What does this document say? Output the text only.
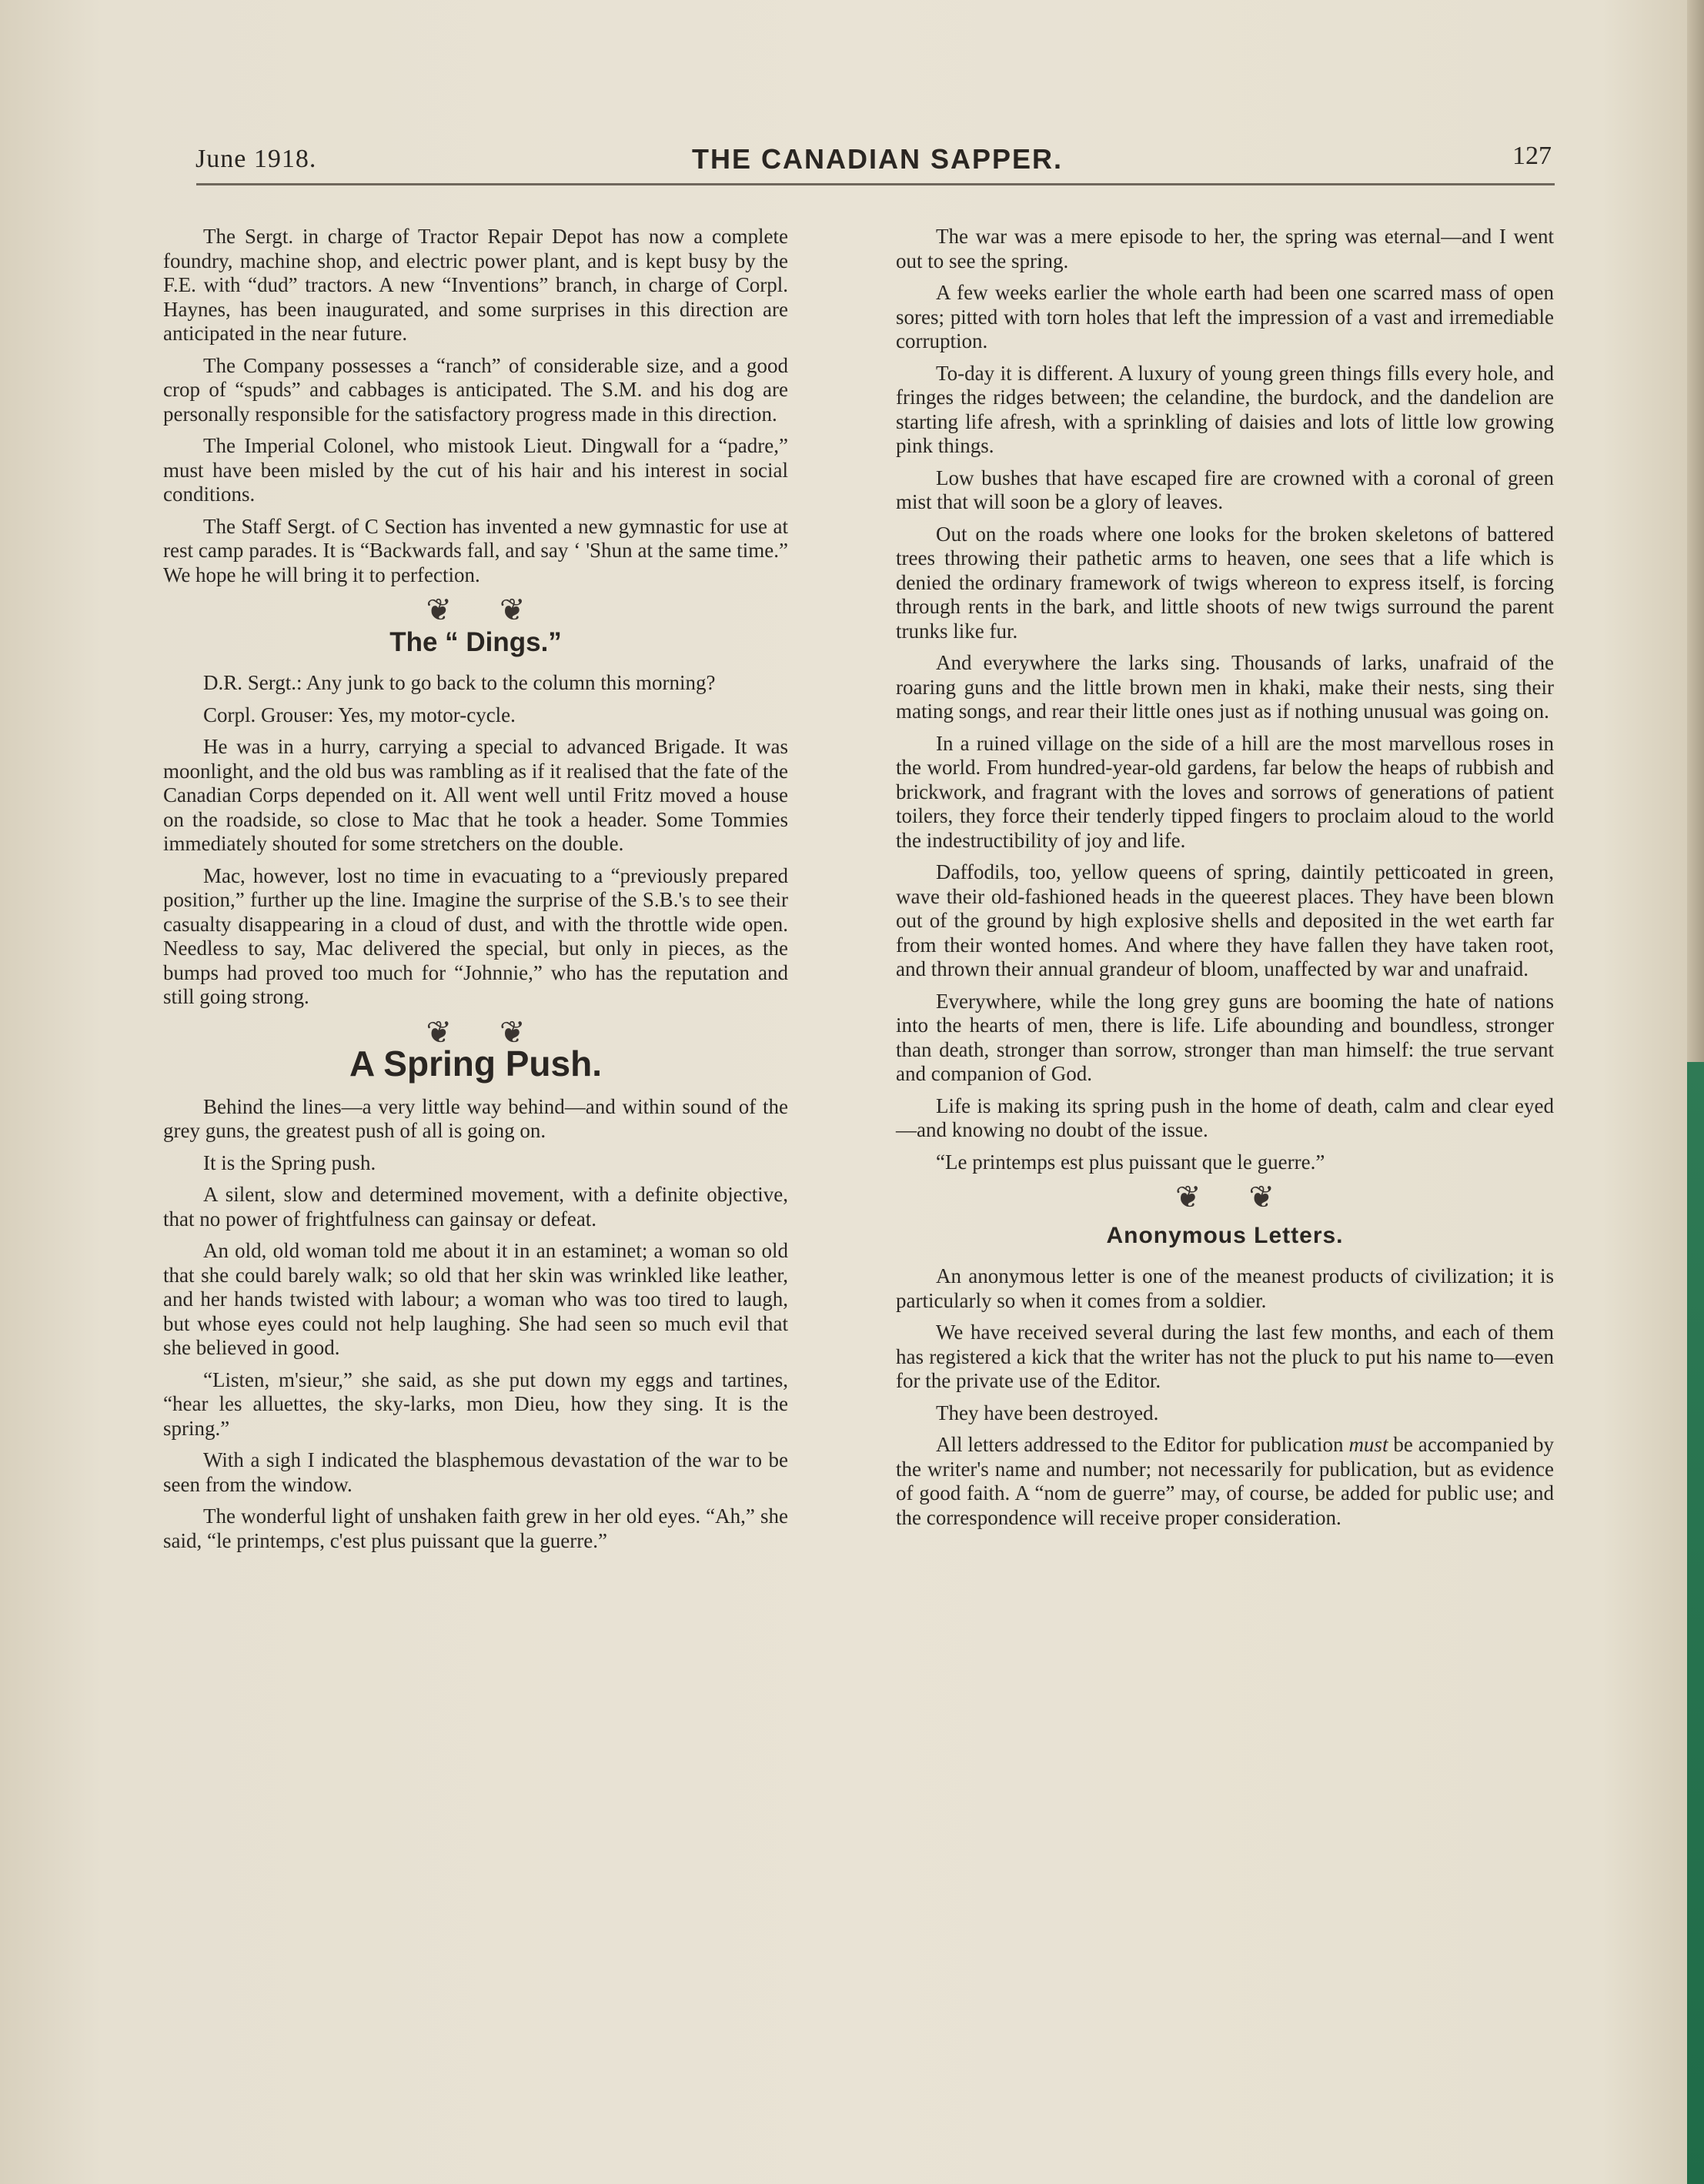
June 1918.	THE CANADIAN SAPPER.	127

The Sergt. in charge of Tractor Repair Depot has now a complete foundry, machine shop, and electric power plant, and is kept busy by the F.E. with “dud” tractors. A new “Inventions” branch, in charge of Corpl. Haynes, has been inaugurated, and some surprises in this direction are anticipated in the near future.

The Company possesses a “ranch” of considerable size, and a good crop of “spuds” and cabbages is anticipated. The S.M. and his dog are personally responsible for the satisfactory progress made in this direction.

The Imperial Colonel, who mistook Lieut. Dingwall for a “padre,” must have been misled by the cut of his hair and his interest in social conditions.

The Staff Sergt. of C Section has invented a new gymnastic for use at rest camp parades. It is “Backwards fall, and say ‘ 'Shun at the same time.” We hope he will bring it to perfection.

❦ ❦
The “ Dings.”

D.R. Sergt.: Any junk to go back to the column this morning?

Corpl. Grouser: Yes, my motor-cycle.

He was in a hurry, carrying a special to advanced Brigade. It was moonlight, and the old bus was rambling as if it realised that the fate of the Canadian Corps depended on it. All went well until Fritz moved a house on the roadside, so close to Mac that he took a header. Some Tommies immediately shouted for some stretchers on the double.

Mac, however, lost no time in evacuating to a “previously prepared position,” further up the line. Imagine the surprise of the S.B.'s to see their casualty disappearing in a cloud of dust, and with the throttle wide open. Needless to say, Mac delivered the special, but only in pieces, as the bumps had proved too much for “Johnnie,” who has the reputation and still going strong.

❦ ❦
A Spring Push.

Behind the lines—a very little way behind—and within sound of the grey guns, the greatest push of all is going on.

It is the Spring push.

A silent, slow and determined movement, with a definite objective, that no power of frightfulness can gainsay or defeat.

An old, old woman told me about it in an estaminet; a woman so old that she could barely walk; so old that her skin was wrinkled like leather, and her hands twisted with labour; a woman who was too tired to laugh, but whose eyes could not help laughing. She had seen so much evil that she believed in good.

“Listen, m'sieur,” she said, as she put down my eggs and tartines, “hear les alluettes, the sky-larks, mon Dieu, how they sing. It is the spring.”

With a sigh I indicated the blasphemous devastation of the war to be seen from the window.

The wonderful light of unshaken faith grew in her old eyes. “Ah,” she said, “le printemps, c'est plus puissant que la guerre.”

The war was a mere episode to her, the spring was eternal—and I went out to see the spring.

A few weeks earlier the whole earth had been one scarred mass of open sores; pitted with torn holes that left the impression of a vast and irremediable corruption.

To-day it is different. A luxury of young green things fills every hole, and fringes the ridges between; the celandine, the burdock, and the dandelion are starting life afresh, with a sprinkling of daisies and lots of little low growing pink things.

Low bushes that have escaped fire are crowned with a coronal of green mist that will soon be a glory of leaves.

Out on the roads where one looks for the broken skeletons of battered trees throwing their pathetic arms to heaven, one sees that a life which is denied the ordinary framework of twigs whereon to express itself, is forcing through rents in the bark, and little shoots of new twigs surround the parent trunks like fur.

And everywhere the larks sing. Thousands of larks, unafraid of the roaring guns and the little brown men in khaki, make their nests, sing their mating songs, and rear their little ones just as if nothing unusual was going on.

In a ruined village on the side of a hill are the most marvellous roses in the world. From hundred-year-old gardens, far below the heaps of rubbish and brickwork, and fragrant with the loves and sorrows of generations of patient toilers, they force their tenderly tipped fingers to proclaim aloud to the world the indestructibility of joy and life.

Daffodils, too, yellow queens of spring, daintily petticoated in green, wave their old-fashioned heads in the queerest places. They have been blown out of the ground by high explosive shells and deposited in the wet earth far from their wonted homes. And where they have fallen they have taken root, and thrown their annual grandeur of bloom, unaffected by war and unafraid.

Everywhere, while the long grey guns are booming the hate of nations into the hearts of men, there is life. Life abounding and boundless, stronger than death, stronger than sorrow, stronger than man himself: the true servant and companion of God.

Life is making its spring push in the home of death, calm and clear eyed—and knowing no doubt of the issue.

“Le printemps est plus puissant que le guerre.”

❦ ❦
Anonymous Letters.

An anonymous letter is one of the meanest products of civilization; it is particularly so when it comes from a soldier.

We have received several during the last few months, and each of them has registered a kick that the writer has not the pluck to put his name to—even for the private use of the Editor.

They have been destroyed.

All letters addressed to the Editor for publication must be accompanied by the writer's name and number; not necessarily for publication, but as evidence of good faith. A “nom de guerre” may, of course, be added for public use; and the correspondence will receive proper consideration.
